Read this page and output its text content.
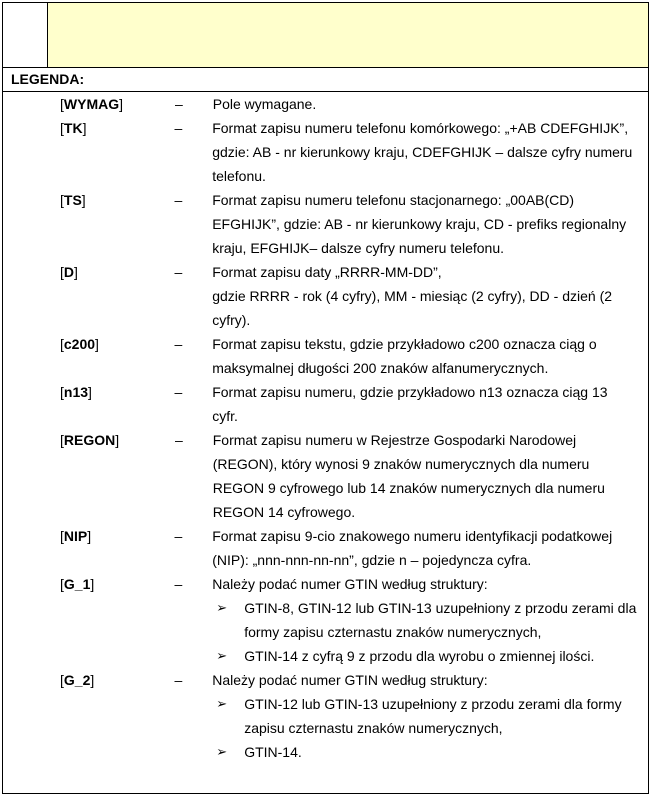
LEGENDA:
[WYMAG]	–	Pole wymagane.
[TK]	–	Format zapisu numeru telefonu komórkowego: „+AB CDEFGHIJK”,
gdzie: AB - nr kierunkowy kraju, CDEFGHIJK – dalsze cyfry numeru
telefonu.
[TS]	–	Format zapisu numeru telefonu stacjonarnego: „00AB(CD)
EFGHIJK”, gdzie: AB - nr kierunkowy kraju, CD - prefiks regionalny
kraju, EFGHIJK– dalsze cyfry numeru telefonu.
[D]	–	Format zapisu daty „RRRR-MM-DD”,
gdzie RRRR - rok (4 cyfry), MM - miesiąc (2 cyfry), DD - dzień (2
cyfry).
[c200]	–	Format zapisu tekstu, gdzie przykładowo c200 oznacza ciąg o
maksymalnej długości 200 znaków alfanumerycznych.
[n13]	–	Format zapisu numeru, gdzie przykładowo n13 oznacza ciąg 13
cyfr.
[REGON]	–	Format zapisu numeru w Rejestrze Gospodarki Narodowej
(REGON), który wynosi 9 znaków numerycznych dla numeru
REGON 9 cyfrowego lub 14 znaków numerycznych dla numeru
REGON 14 cyfrowego.
[NIP]	–	Format zapisu 9-cio znakowego numeru identyfikacji podatkowej
(NIP): „nnn-nnn-nn-nn”, gdzie n – pojedyncza cyfra.
[G_1]	–	Należy podać numer GTIN według struktury:
➢	GTIN-8, GTIN-12 lub GTIN-13 uzupełniony z przodu zerami dla
formy zapisu czternastu znaków numerycznych,
➢	GTIN-14 z cyfrą 9 z przodu dla wyrobu o zmiennej ilości.
[G_2]	–	Należy podać numer GTIN według struktury:
➢	GTIN-12 lub GTIN-13 uzupełniony z przodu zerami dla formy
zapisu czternastu znaków numerycznych,
➢	GTIN-14.
